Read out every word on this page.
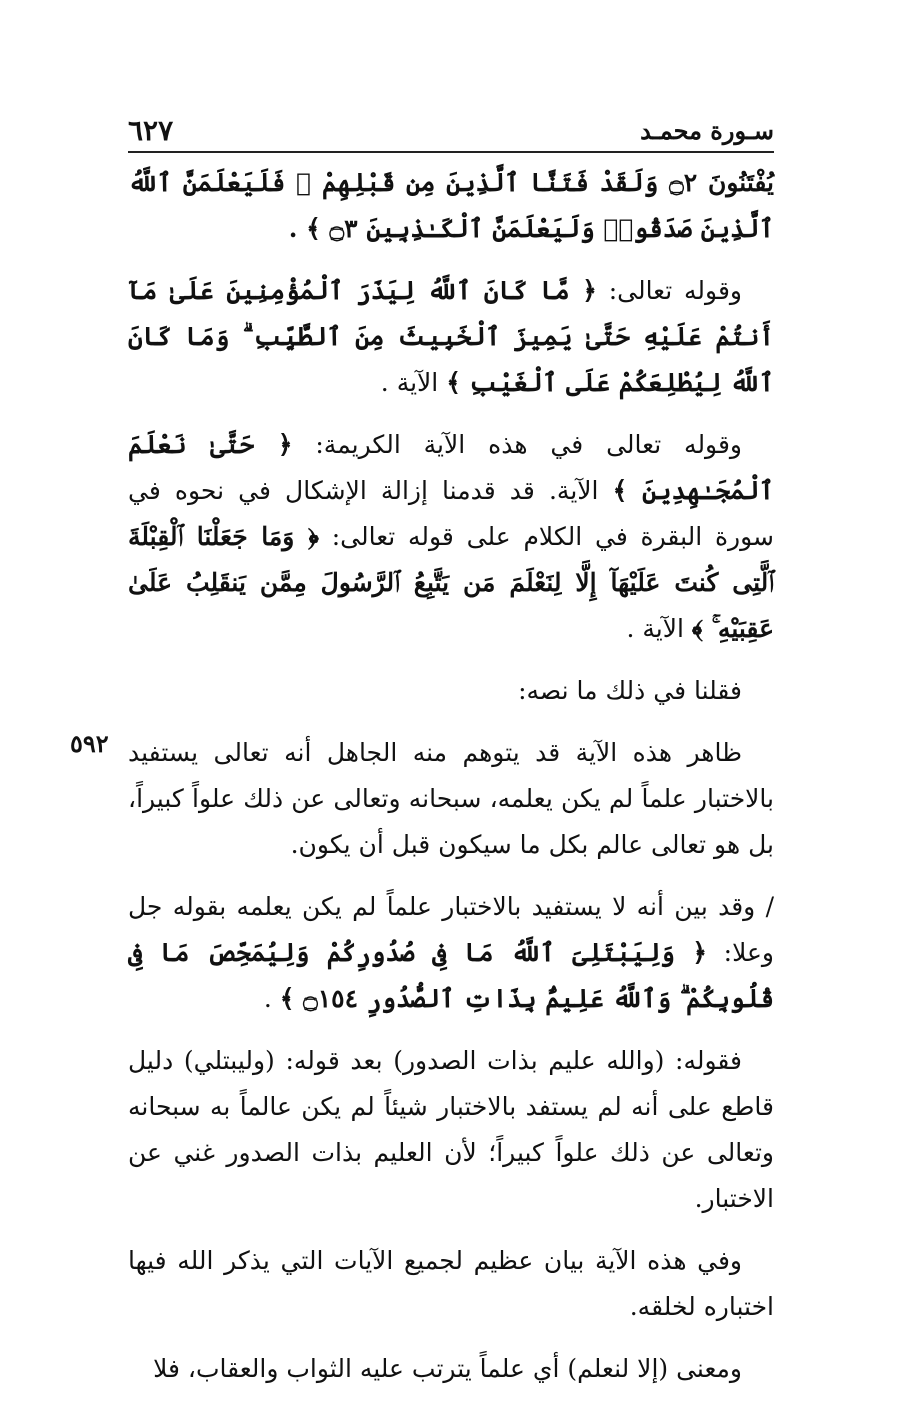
سـورة محمـد
٦٢٧
٥٩٢

يُفْتَنُونَ ۝٢ وَلَقَدْ فَتَنَّا ٱلَّذِينَ مِن قَبْلِهِمْ ۖ فَلَيَعْلَمَنَّ ٱللَّهُ ٱلَّذِينَ صَدَقُوا۟ وَلَيَعْلَمَنَّ ٱلْكَـٰذِبِينَ ۝٣ ﴾ .

وقوله تعالى: ﴿ مَّا كَانَ ٱللَّهُ لِيَذَرَ ٱلْمُؤْمِنِينَ عَلَىٰ مَآ أَنتُمْ عَلَيْهِ حَتَّىٰ يَمِيزَ ٱلْخَبِيثَ مِنَ ٱلطَّيِّبِ ۗ وَمَا كَانَ ٱللَّهُ لِيُطْلِعَكُمْ عَلَى ٱلْغَيْبِ ﴾ الآية .

وقوله تعالى في هذه الآية الكريمة: ﴿ حَتَّىٰ نَعْلَمَ ٱلْمُجَـٰهِدِينَ ﴾ الآية. قد قدمنا إزالة الإشكال في نحوه في سورة البقرة في الكلام على قوله تعالى: ﴿ وَمَا جَعَلْنَا ٱلْقِبْلَةَ ٱلَّتِى كُنتَ عَلَيْهَآ إِلَّا لِنَعْلَمَ مَن يَتَّبِعُ ٱلرَّسُولَ مِمَّن يَنقَلِبُ عَلَىٰ عَقِبَيْهِ ۚ ﴾ الآية .

فقلنا في ذلك ما نصه:

ظاهر هذه الآية قد يتوهم منه الجاهل أنه تعالى يستفيد بالاختبار علماً لم يكن يعلمه، سبحانه وتعالى عن ذلك علواً كبيراً، بل هو تعالى عالم بكل ما سيكون قبل أن يكون.

/ وقد بين أنه لا يستفيد بالاختبار علماً لم يكن يعلمه بقوله جل وعلا: ﴿ وَلِيَبْتَلِىَ ٱللَّهُ مَا فِى صُدُورِكُمْ وَلِيُمَحِّصَ مَا فِى قُلُوبِكُمْ ۗ وَٱللَّهُ عَلِيمٌۢ بِذَاتِ ٱلصُّدُورِ ۝١٥٤ ﴾ .

فقوله: (والله عليم بذات الصدور) بعد قوله: (وليبتلي) دليل قاطع على أنه لم يستفد بالاختبار شيئاً لم يكن عالماً به سبحانه وتعالى عن ذلك علواً كبيراً؛ لأن العليم بذات الصدور غني عن الاختبار.

وفي هذه الآية بيان عظيم لجميع الآيات التي يذكر الله فيها اختباره لخلقه.

ومعنى (إلا لنعلم) أي علماً يترتب عليه الثواب والعقاب، فلا
